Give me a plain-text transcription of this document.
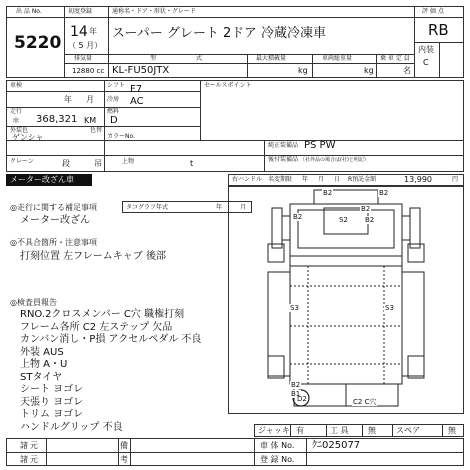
出 品 No.
5220
初度登録
14 年
（ 5 月）
通称名・ドア・形状・グレード
スーパー グレート 2ドア 冷蔵冷凍車
評 価 点
RB
内装
C
排気量
12880 cc
型	式
KL-FU50JTX
最大積載量
kg
車両総重量
kg
乗 車 定 員
名
車検
年 月
シフト F7
冷房 AC
走行
＊ 368,321 KM
燃料
D
外装色
ゲンシャ
色替
カラーNo.
セールスポイント
純正装備品 PS PW
後付装備品 （社外品の場合は(社)と明記）
クレーン	段	吊	上物	t
メーター改ざん車	右ハンドル 名変期限 年 月 日 R預託金額	13,990	円
◎走行に関する補足事項	タコグラフ年式	年	月
メーター改ざん
◎不具合箇所・注意事項
打刻位置 左フレームキャブ 後部
◎検査員報告
RNO.2クロスメンバー C穴 職権打刻
フレーム各所 C2 左ステップ 欠品
カンバン消し・P損 アクセルペダル 不良
外装 AUS
上物 A・U
STタイヤ
シート ヨゴレ
天張り ヨゴレ
トリム ヨゴレ
ハンドルグリップ 不良
B2
B2
S2
B2	B2
S3	S3
B2
B1
C2 C穴
D2
B2
ジャッキ 有	工 具 無	スペア	無
諸 元
諸 元
備
考
車 体 No. ｸﾆ025077
登 録 No.
